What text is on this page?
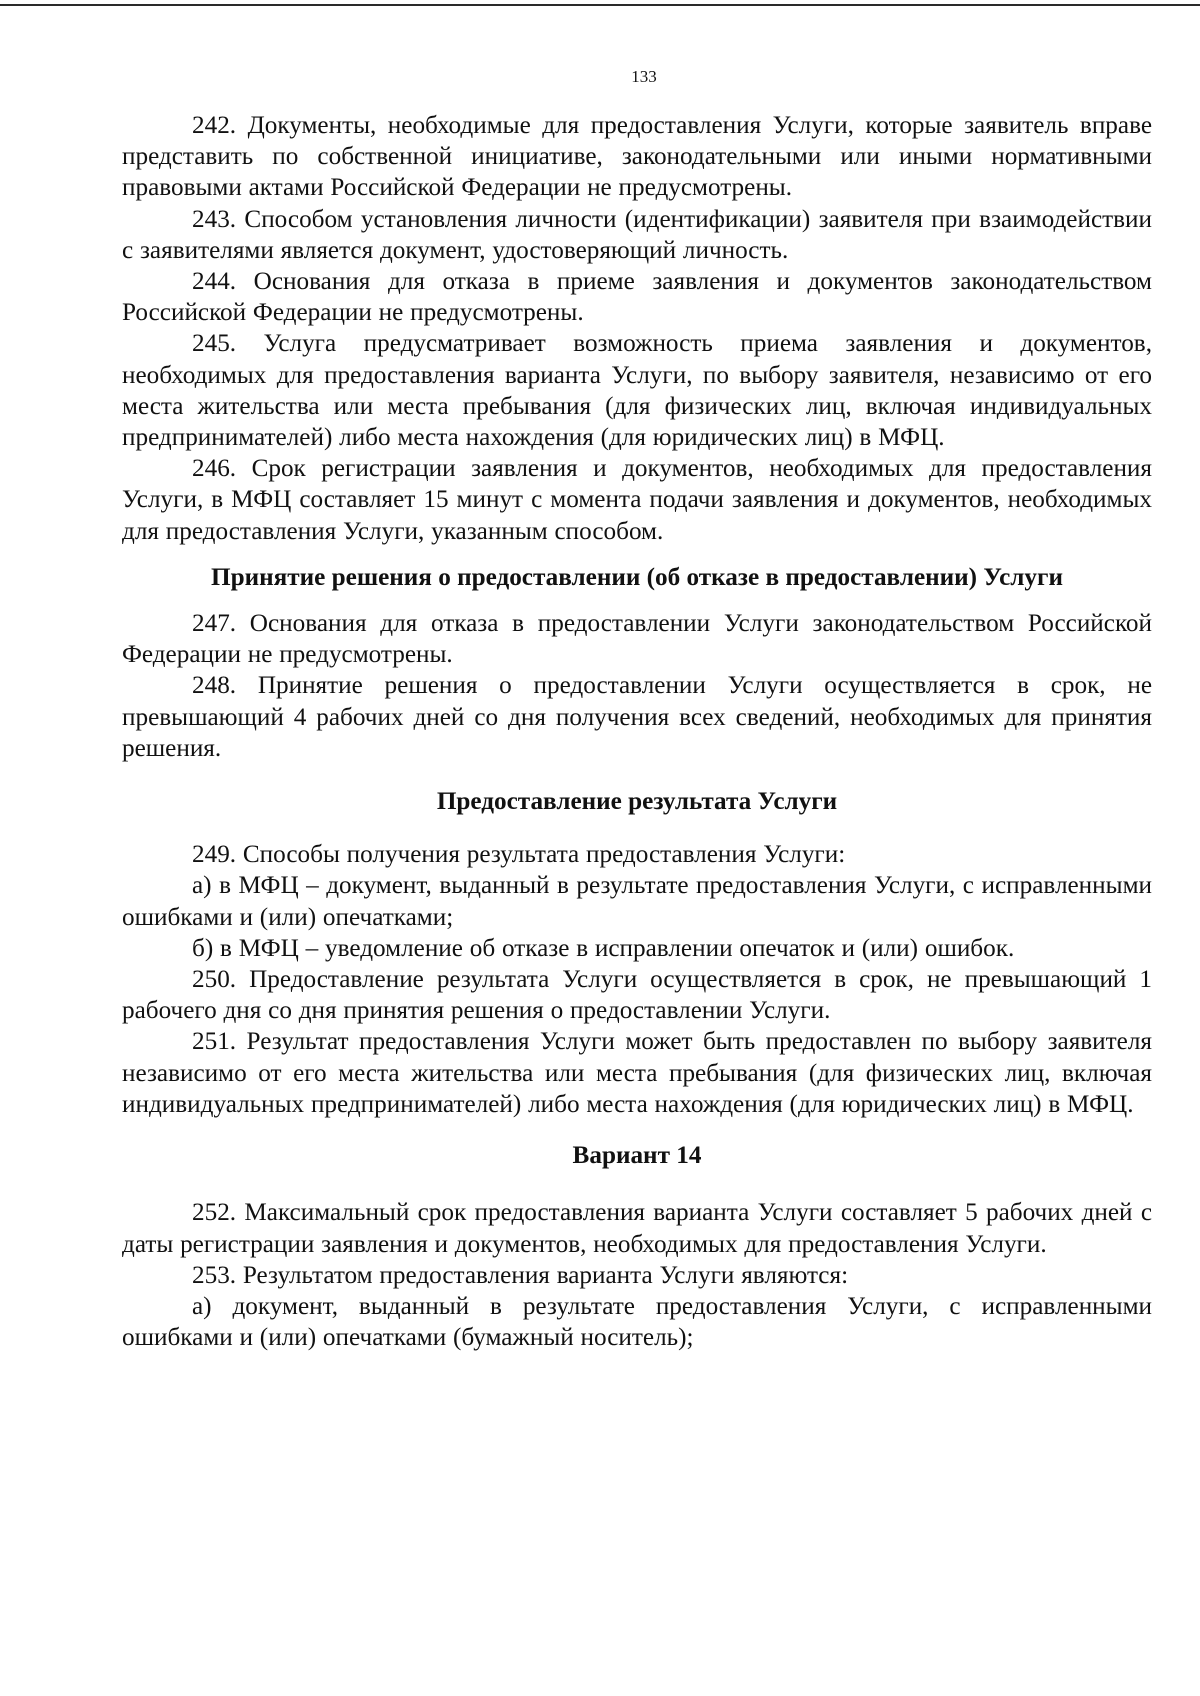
133

242. Документы, необходимые для предоставления Услуги, которые заявитель вправе представить по собственной инициативе, законодательными или иными нормативными правовыми актами Российской Федерации не предусмотрены.

243. Способом установления личности (идентификации) заявителя при взаимодействии с заявителями является документ, удостоверяющий личность.

244. Основания для отказа в приеме заявления и документов законодательством Российской Федерации не предусмотрены.

245. Услуга предусматривает возможность приема заявления и документов, необходимых для предоставления варианта Услуги, по выбору заявителя, независимо от его места жительства или места пребывания (для физических лиц, включая индивидуальных предпринимателей) либо места нахождения (для юридических лиц) в МФЦ.

246. Срок регистрации заявления и документов, необходимых для предоставления Услуги, в МФЦ составляет 15 минут с момента подачи заявления и документов, необходимых для предоставления Услуги, указанным способом.

Принятие решения о предоставлении (об отказе в предоставлении) Услуги

247. Основания для отказа в предоставлении Услуги законодательством Российской Федерации не предусмотрены.

248. Принятие решения о предоставлении Услуги осуществляется в срок, не превышающий 4 рабочих дней со дня получения всех сведений, необходимых для принятия решения.

Предоставление результата Услуги

249. Способы получения результата предоставления Услуги:

а) в МФЦ – документ, выданный в результате предоставления Услуги, с исправленными ошибками и (или) опечатками;

б) в МФЦ – уведомление об отказе в исправлении опечаток и (или) ошибок.

250. Предоставление результата Услуги осуществляется в срок, не превышающий 1 рабочего дня со дня принятия решения о предоставлении Услуги.

251. Результат предоставления Услуги может быть предоставлен по выбору заявителя независимо от его места жительства или места пребывания (для физических лиц, включая индивидуальных предпринимателей) либо места нахождения (для юридических лиц) в МФЦ.

Вариант 14

252. Максимальный срок предоставления варианта Услуги составляет 5 рабочих дней с даты регистрации заявления и документов, необходимых для предоставления Услуги.

253. Результатом предоставления варианта Услуги являются:

а) документ, выданный в результате предоставления Услуги, с исправленными ошибками и (или) опечатками (бумажный носитель);
